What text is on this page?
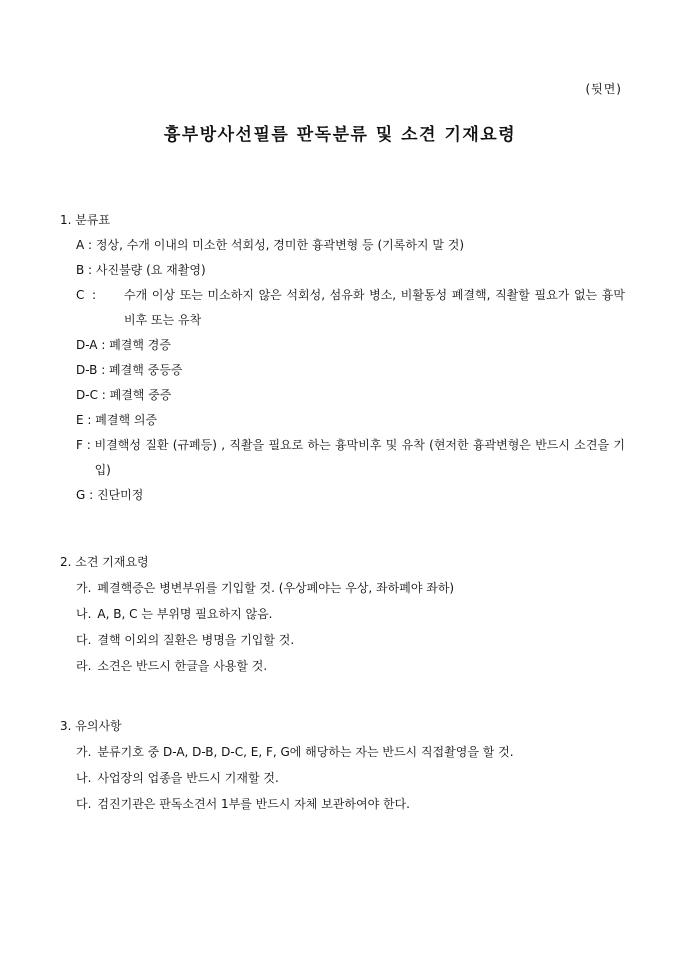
(뒷면)
흉부방사선필름 판독분류 및 소견 기재요령
1. 분류표
A : 정상, 수개 이내의 미소한 석회성, 경미한 흉곽변형 등 (기록하지 말 것)
B : 사진불량 (요 재촬영)
C  :	수개 이상 또는 미소하지 않은 석회성, 섬유화 병소, 비활동성 폐결핵, 직촬할 필요가 없는 흉막비후 또는 유착
D-A : 폐결핵 경증
D-B : 폐결핵 중등증
D-C : 폐결핵 중증
E : 폐결핵 의증
F : 비결핵성 질환 (규폐등) , 직촬을 필요로 하는 흉막비후 및 유착 (현저한 흉곽변형은 반드시 소견을 기입)
G : 진단미정
2. 소견 기재요령
가. 폐결핵증은 병변부위를 기입할 것. (우상폐야는 우상, 좌하폐야 좌하)
나. A, B, C 는 부위명 필요하지 않음.
다. 결핵 이외의 질환은 병명을 기입할 것.
라. 소견은 반드시 한글을 사용할 것.
3. 유의사항
가. 분류기호 중 D-A, D-B, D-C, E, F, G에 해당하는 자는 반드시 직접촬영을 할 것.
나. 사업장의 업종을 반드시 기재할 것.
다. 검진기관은 판독소견서 1부를 반드시 자체 보관하여야 한다.
